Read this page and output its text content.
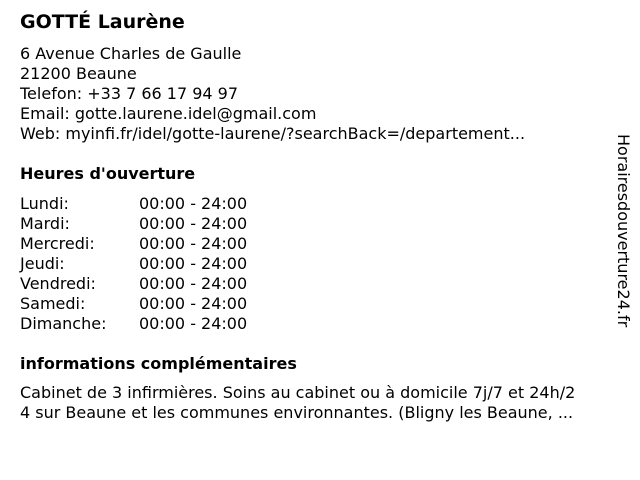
GOTTÉ Laurène
6 Avenue Charles de Gaulle
21200 Beaune
Telefon: +33 7 66 17 94 97
Email: gotte.laurene.idel@gmail.com
Web: myinfi.fr/idel/gotte-laurene/?searchBack=/departement...
Heures d'ouverture
Lundi:	00:00 - 24:00
Mardi:	00:00 - 24:00
Mercredi:	00:00 - 24:00
Jeudi:	00:00 - 24:00
Vendredi:	00:00 - 24:00
Samedi:	00:00 - 24:00
Dimanche: 00:00 - 24:00
informations complémentaires
Cabinet de 3 infirmières. Soins au cabinet ou à domicile 7j/7 et 24h/2
4 sur Beaune et les communes environnantes. (Bligny les Beaune, ...
Horairesdouverture24.fr
